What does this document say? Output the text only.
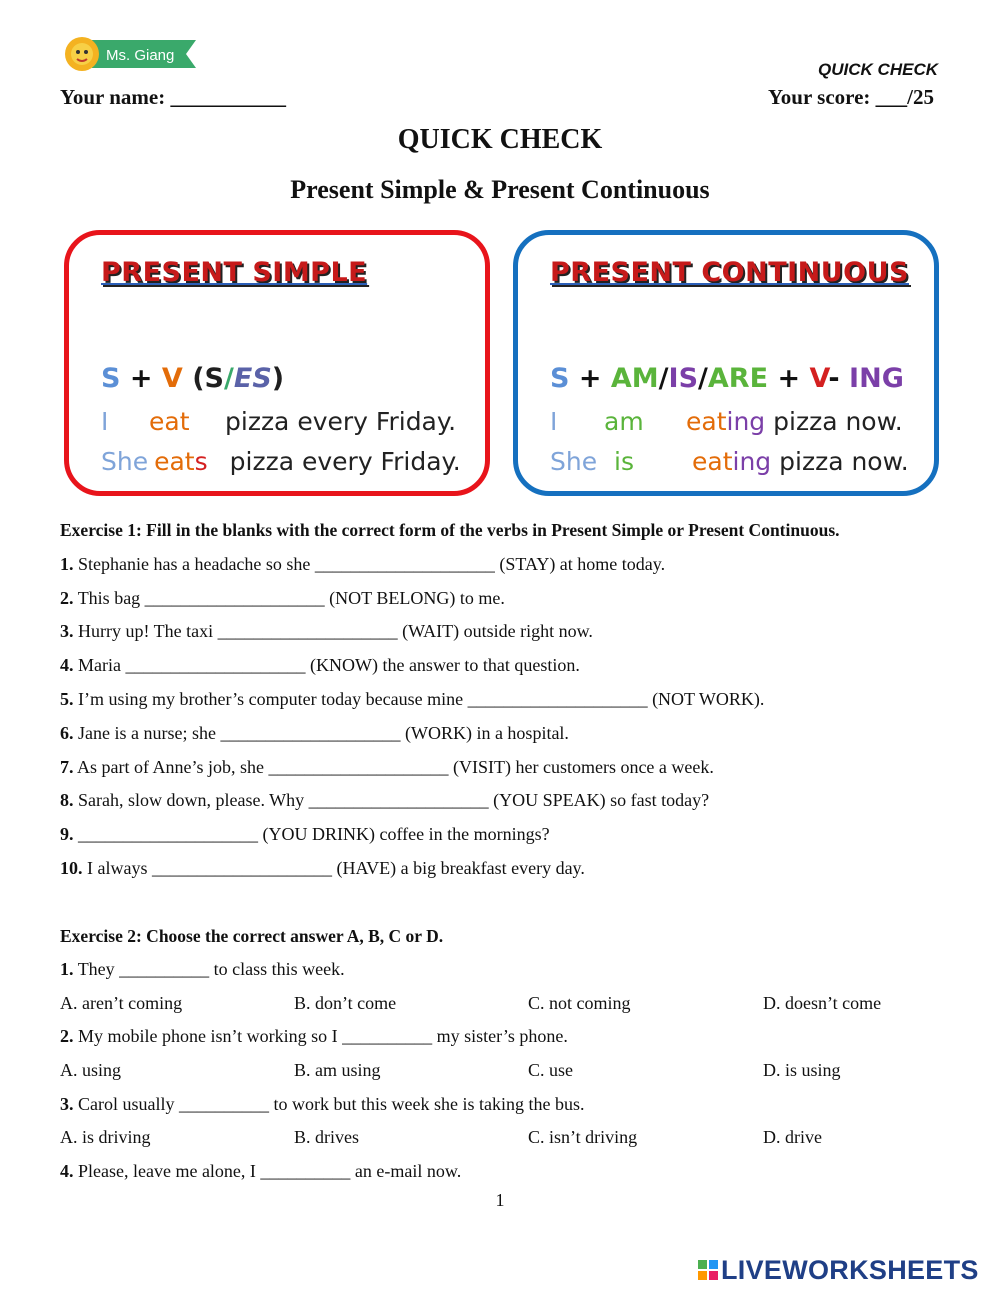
Ms. Giang
QUICK CHECK
Your name: ___________	Your score: ___/25
QUICK CHECK
Present Simple & Present Continuous
PRESENT SIMPLE
S + V (S/ES)
I eat pizza every Friday.
She eats pizza every Friday.
PRESENT CONTINUOUS
S + AM/IS/ARE + V- ING
I am eating pizza now.
She is eating pizza now.
Exercise 1: Fill in the blanks with the correct form of the verbs in Present Simple or Present Continuous.
1. Stephanie has a headache so she ____________________ (STAY) at home today.
2. This bag ____________________ (NOT BELONG) to me.
3. Hurry up! The taxi ____________________ (WAIT) outside right now.
4. Maria ____________________ (KNOW) the answer to that question.
5. I’m using my brother’s computer today because mine ____________________ (NOT WORK).
6. Jane is a nurse; she ____________________ (WORK) in a hospital.
7. As part of Anne’s job, she ____________________ (VISIT) her customers once a week.
8. Sarah, slow down, please. Why ____________________ (YOU SPEAK) so fast today?
9. ____________________ (YOU DRINK) coffee in the mornings?
10. I always ____________________ (HAVE) a big breakfast every day.
Exercise 2: Choose the correct answer A, B, C or D.
1. They __________ to class this week.
A. aren’t coming	B. don’t come	C. not coming	D. doesn’t come
2. My mobile phone isn’t working so I __________ my sister’s phone.
A. using	B. am using	C. use	D. is using
3. Carol usually __________ to work but this week she is taking the bus.
A. is driving	B. drives	C. isn’t driving	D. drive
4. Please, leave me alone, I __________ an e-mail now.
1
LIVEWORKSHEETS
